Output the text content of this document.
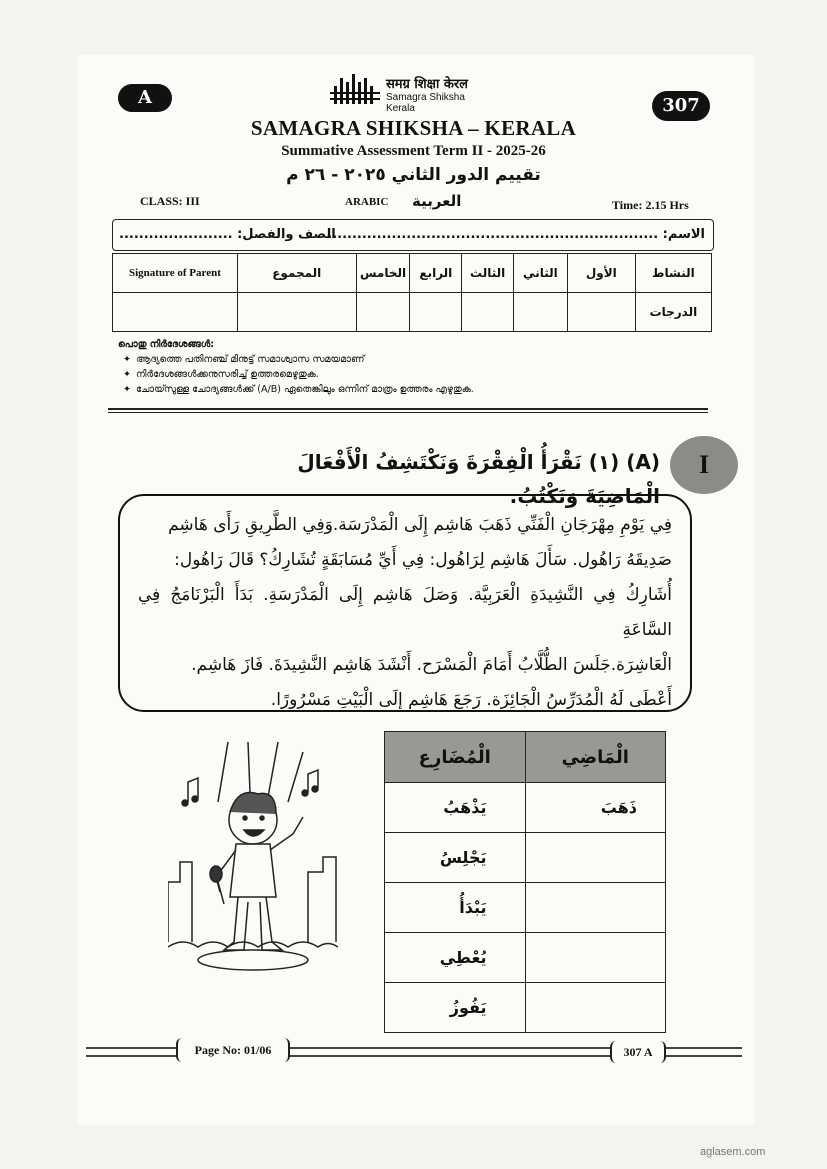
A
समग्र शिक्षा केरल
Samagra Shiksha Kerala	307
SAMAGRA SHIKSHA – KERALA
Summative Assessment Term II - 2025-26
تقييم الدور الثاني ٢٠٢٥ - ٢٦ م
CLASS: III	ARABIC العربية	Time: 2.15 Hrs
الاسم: ...................................................................
الصف والفصل: .......................
Signature of Parent	المجموع	الخامس	الرابع	الثالث	الثاني	الأول	النشاط
							الدرجات
പൊതു നിർദേശങ്ങൾ:
✦ ആദ്യത്തെ പതിനഞ്ച് മിനുട്ട് സമാശ്വാസ സമയമാണ്
✦ നിർദേശങ്ങൾക്കനുസരിച്ച് ഉത്തരമെഴുതുക.
✦ ചോയ്സുള്ള ചോദ്യങ്ങൾക്ക് (A/B) ഏതെങ്കിലും ഒന്നിന് മാത്രം ഉത്തരം എഴുതുക.
I
(A) (١) نَقْرَأُ الْفِقْرَةَ وَنَكْتَشِفُ الْأَفْعَالَ الْمَاضِيَةَ وَنَكْتُبُ.
فِي يَوْمِ مِهْرَجَانِ الْفَنِّي ذَهَبَ هَاشِم إِلَى الْمَدْرَسَة.وَفِي الطَّرِيقِ رَأَى هَاشِم
صَدِيقَهُ رَاهُول. سَأَلَ هَاشِم لِرَاهُول: فِي أَيِّ مُسَابَقَةٍ تُشَارِكُ؟ قَالَ رَاهُول:
أُشَارِكُ فِي النَّشِيدَةِ الْعَرَبِيَّة. وَصَلَ هَاشِم إِلَى الْمَدْرَسَةِ. بَدَأَ الْبَرْنَامَجُ فِي السَّاعَةِ
الْعَاشِرَة.جَلَسَ الطُّلَّابُ أَمَامَ الْمَسْرَح. أَنْشَدَ هَاشِم النَّشِيدَةَ. فَازَ هَاشِم.
أَعْطَى لَهُ الْمُدَرِّسُ الْجَائِزَة. رَجَعَ هَاشِم إِلَى الْبَيْتِ مَسْرُورًا.
الْمَاضِي	الْمُضَارِع
ذَهَبَ	يَذْهَبُ
	يَجْلِسُ
	يَبْدَأُ
	يُعْطِي
	يَفُوزُ
Page No: 01/06	307 A
aglasem.com
